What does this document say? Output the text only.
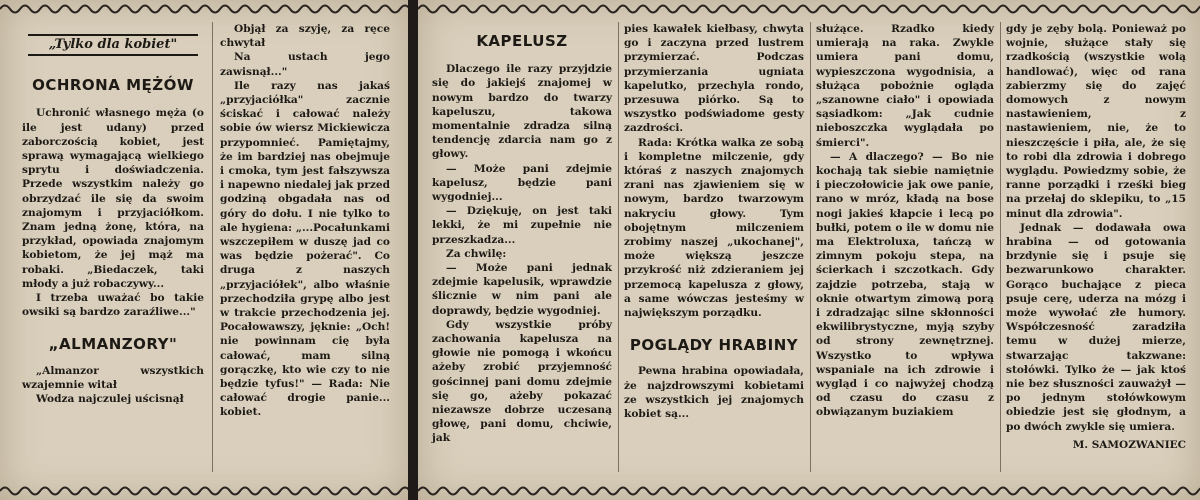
„Tylko dla kobiet"
OCHRONA MĘŻÓW

Uchronić własnego męża (o ile jest udany) przed zaborczością kobiet, jest sprawą wymagającą wielkiego sprytu i doświadczenia. Przede wszystkim należy go obrzydzać ile się da swoim znajomym i przyjaciółkom. Znam jedną żonę, która, na przykład, opowiada znajomym kobietom, że jej mąż ma robaki. „Biedaczek, taki młody a już robaczywy...

I trzeba uważać bo takie owsiki są bardzo zaraźliwe..."

„ALMANZORY"

„Almanzor wszystkich wzajemnie witał

Wodza najczulej uścisnął

Objął za szyję, za ręce chwytał

Na ustach jego zawisnął..."

Ile razy nas jakaś „przyjaciółka" zacznie ściskać i całować należy sobie ów wiersz Mickiewicza przypomnieć. Pamiętajmy, że im bardziej nas obejmuje i cmoka, tym jest fałszywsza i napewno niedalej jak przed godziną obgadała nas od góry do dołu. I nie tylko to ale hygiena: „...Pocałunkami wszczepiłem w duszę jad co was będzie pożerać". Co druga z naszych „przyjaciółek", albo właśnie przechodziła grypę albo jest w trakcie przechodzenia jej. Pocałowawszy, jęknie: „Och! nie powinnam cię była całować, mam silną gorączkę, kto wie czy to nie będzie tyfus!" — Rada: Nie całować drogie panie... kobiet.

KAPELUSZ

Dlaczego ile razy przyjdzie się do jakiejś znajomej w nowym bardzo do twarzy kapeluszu, takowa momentalnie zdradza silną tendencję zdarcia nam go z głowy.

— Może pani zdejmie kapelusz, będzie pani wygodniej...

— Dziękuję, on jest taki lekki, że mi zupełnie nie przeszkadza...

Za chwilę:

— Może pani jednak zdejmie kapelusik, wprawdzie ślicznie w nim pani ale doprawdy, będzie wygodniej.

Gdy wszystkie próby zachowania kapelusza na głowie nie pomogą i wkońcu ażeby zrobić przyjemność gościnnej pani domu zdejmie się go, ażeby pokazać niezawsze dobrze uczesaną głowę, pani domu, chciwie, jak

pies kawałek kiełbasy, chwyta go i zaczyna przed lustrem przymierzać. Podczas przymierzania ugniata kapelutko, przechyla rondo, przesuwa piórko. Są to wszystko podświadome gesty zazdrości.

Rada: Krótka walka ze sobą i kompletne milczenie, gdy któraś z naszych znajomych zrani nas zjawieniem się w nowym, bardzo twarzowym nakryciu głowy. Tym obojętnym milczeniem zrobimy naszej „ukochanej", może większą jeszcze przykrość niż zdzieraniem jej przemocą kapelusza z głowy, a same wówczas jesteśmy w największym porządku.

POGLĄDY HRABINY

Pewna hrabina opowiadała, że najzdrowszymi kobietami ze wszystkich jej znajomych kobiet są...

służące. Rzadko kiedy umierają na raka. Zwykle umiera pani domu, wypieszczona wygodnisia, a służąca pobożnie ogląda „szanowne ciało" i opowiada sąsiadkom: „Jak cudnie nieboszczka wyglądała po śmierci".

— A dlaczego? — Bo nie kochają tak siebie namiętnie i pieczołowicie jak owe panie, rano w mróz, kładą na bose nogi jakieś kłapcie i lecą po bułki, potem o ile w domu nie ma Elektroluxa, tańczą w zimnym pokoju stepa, na ścierkach i szczotkach. Gdy zajdzie potrzeba, stają w oknie otwartym zimową porą i zdradzając silne skłonności ekwilibrystyczne, myją szyby od strony zewnętrznej. Wszystko to wpływa wspaniale na ich zdrowie i wygląd i co najwyżej chodzą od czasu do czasu z obwiązanym buziakiem

gdy je zęby bolą. Ponieważ po wojnie, służące stały się rzadkością (wszystkie wolą handlować), więc od rana zabierzmy się do zajęć domowych z nowym nastawieniem, z nastawieniem, nie, że to nieszczęście i piła, ale, że się to robi dla zdrowia i dobrego wyglądu. Powiedzmy sobie, że ranne porządki i rześki bieg na przełaj do sklepiku, to „15 minut dla zdrowia".

Jednak — dodawała owa hrabina — od gotowania brzdynie się i psuje się bezwarunkowo charakter. Gorąco buchające z pieca psuje cerę, uderza na mózg i może wywołać złe humory. Współczesność zaradziła temu w dużej mierze, stwarzając takzwane: stołówki. Tylko że — jak ktoś nie bez słuszności zauważył — po jednym stołówkowym obiedzie jest się głodnym, a po dwóch zwykle się umiera.

M. SAMOZWANIEC
